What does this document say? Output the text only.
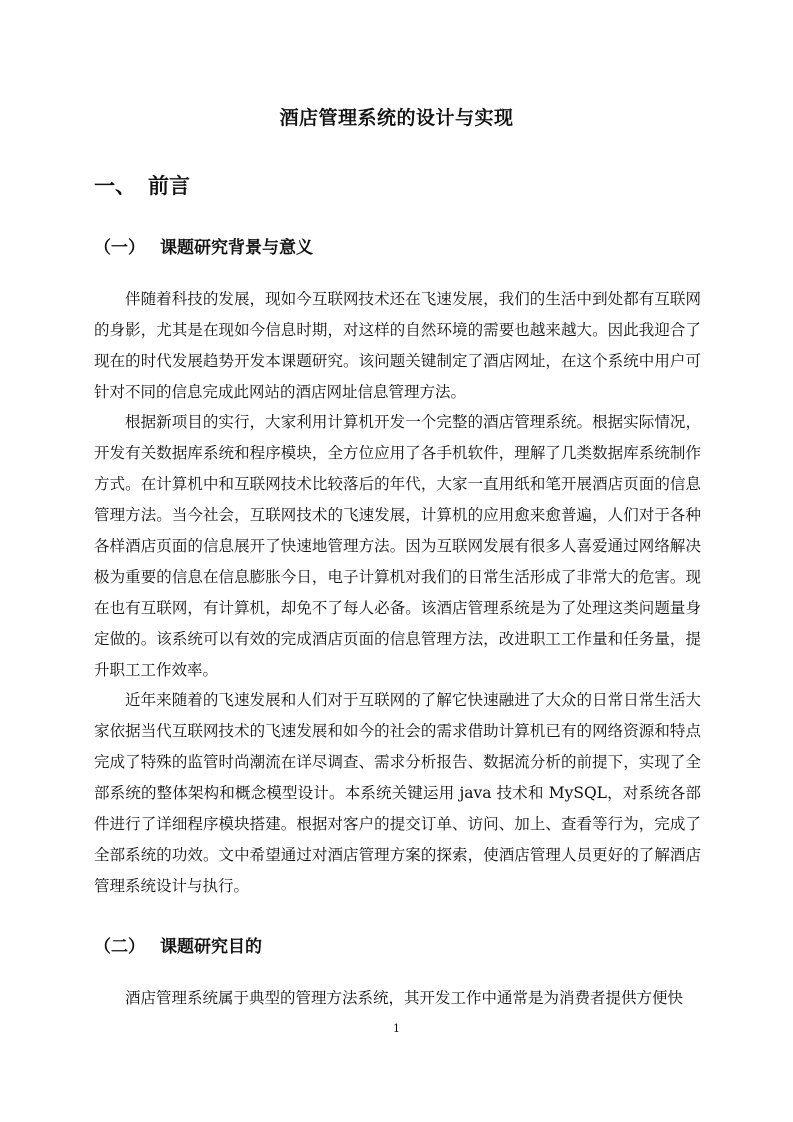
酒店管理系统的设计与实现
一、 前言
（一） 课题研究背景与意义

伴随着科技的发展，现如今互联网技术还在飞速发展，我们的生活中到处都有互联网的身影，尤其是在现如今信息时期，对这样的自然环境的需要也越来越大。因此我迎合了现在的时代发展趋势开发本课题研究。该问题关键制定了酒店网址，在这个系统中用户可针对不同的信息完成此网站的酒店网址信息管理方法。

根据新项目的实行，大家利用计算机开发一个完整的酒店管理系统。根据实际情况，开发有关数据库系统和程序模块，全方位应用了各手机软件，理解了几类数据库系统制作方式。在计算机中和互联网技术比较落后的年代，大家一直用纸和笔开展酒店页面的信息管理方法。当今社会，互联网技术的飞速发展，计算机的应用愈来愈普遍，人们对于各种各样酒店页面的信息展开了快速地管理方法。因为互联网发展有很多人喜爱通过网络解决极为重要的信息在信息膨胀今日，电子计算机对我们的日常生活形成了非常大的危害。现在也有互联网，有计算机，却免不了每人必备。该酒店管理系统是为了处理这类问题量身定做的。该系统可以有效的完成酒店页面的信息管理方法，改进职工工作量和任务量，提升职工工作效率。

近年来随着的飞速发展和人们对于互联网的了解它快速融进了大众的日常日常生活大家依据当代互联网技术的飞速发展和如今的社会的需求借助计算机已有的网络资源和特点完成了特殊的监管时尚潮流在详尽调查、需求分析报告、数据流分析的前提下，实现了全部系统的整体架构和概念模型设计。本系统关键运用 java 技术和 MySQL，对系统各部件进行了详细程序模块搭建。根据对客户的提交订单、访问、加上、查看等行为，完成了全部系统的功效。文中希望通过对酒店管理方案的探索，使酒店管理人员更好的了解酒店管理系统设计与执行。

（二） 课题研究目的

酒店管理系统属于典型的管理方法系统，其开发工作中通常是为消费者提供方便快

1
